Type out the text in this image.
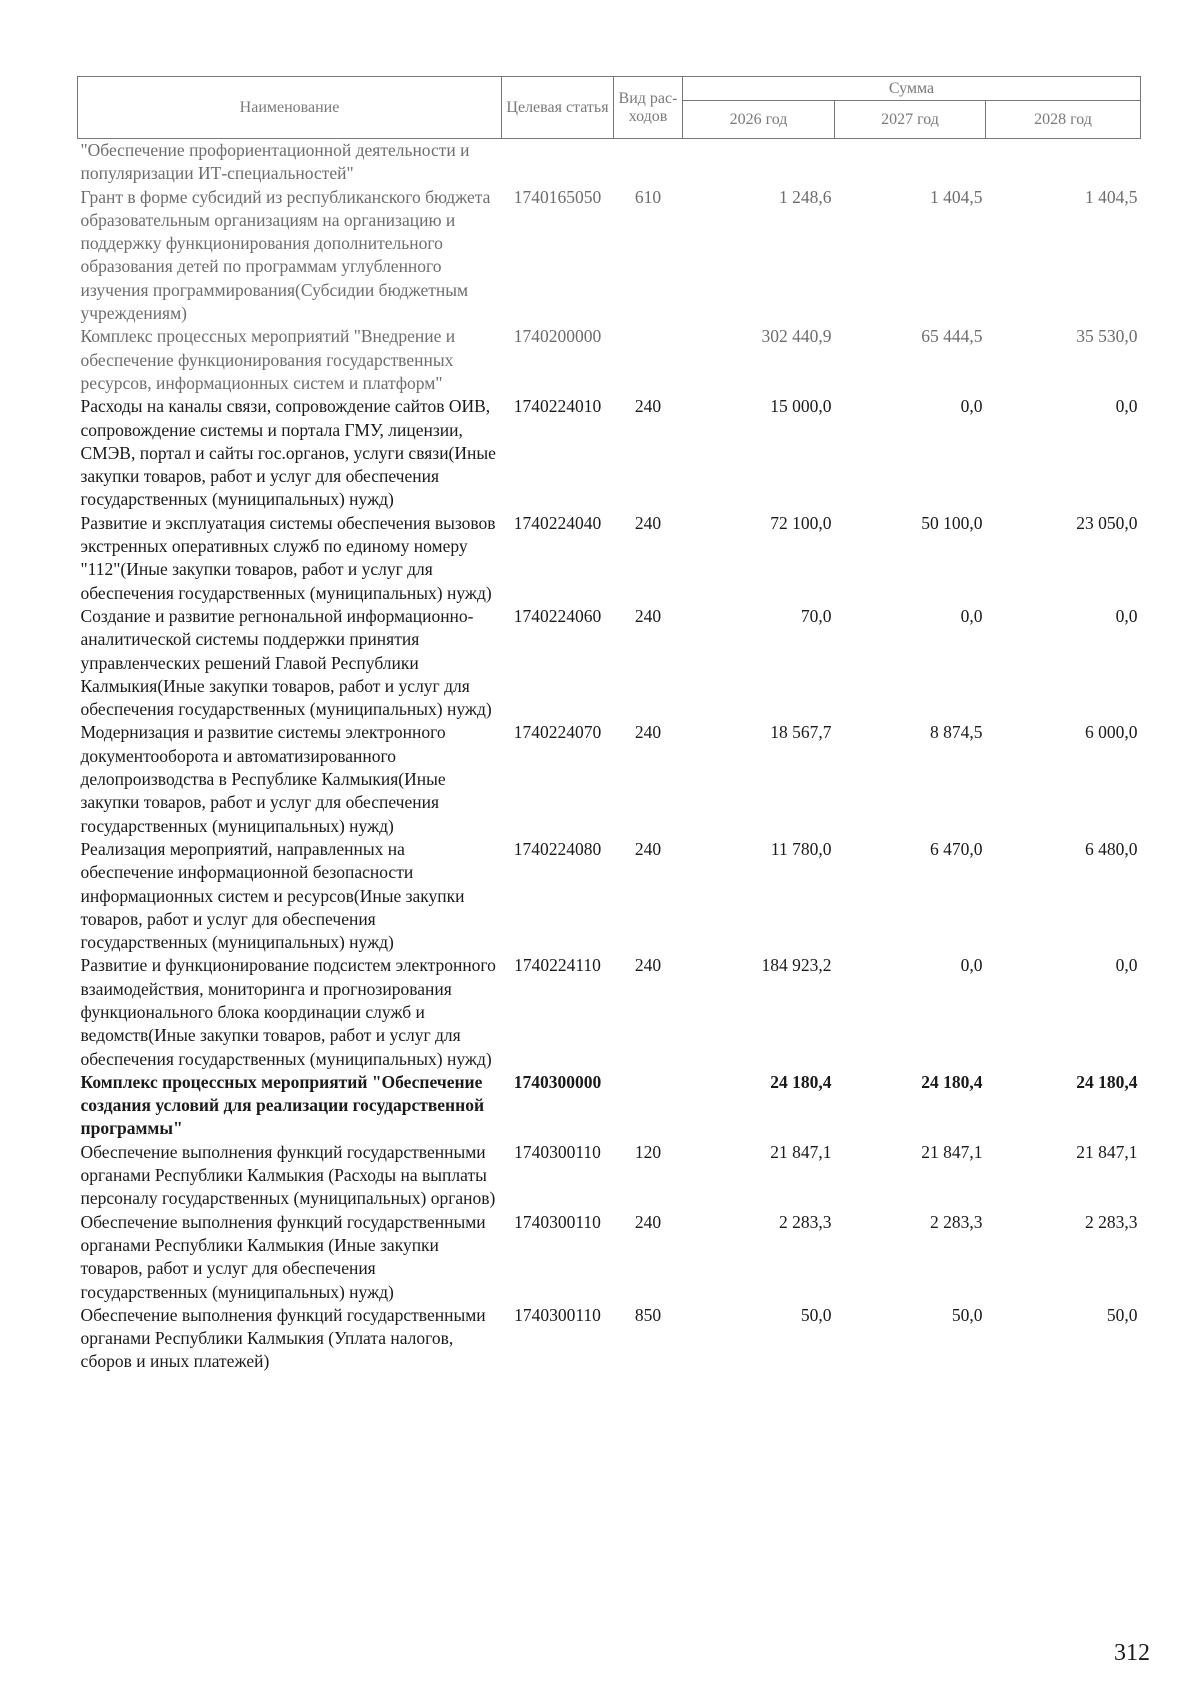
Наименование	Целевая статья	Вид рас-ходов	Сумма		
			2026 год	2027 год	2028 год
"Обеспечение профориентационной деятельности и популяризации ИТ-специальностей"					
Грант в форме субсидий из республиканского бюджета образовательным организациям на организацию и поддержку функционирования дополнительного образования детей по программам углубленного изучения программирования(Субсидии бюджетным учреждениям)	1740165050	610	1 248,6	1 404,5	1 404,5
Комплекс процессных мероприятий "Внедрение и обеспечение функционирования государственных ресурсов, информационных систем и платформ"	1740200000		302 440,9	65 444,5	35 530,0
Расходы на каналы связи, сопровождение сайтов ОИВ, сопровождение системы и портала ГМУ, лицензии, СМЭВ, портал и сайты гос.органов, услуги связи(Иные закупки товаров, работ и услуг для обеспечения государственных (муниципальных) нужд)	1740224010	240	15 000,0	0,0	0,0
Развитие и эксплуатация системы обеспечения вызовов экстренных оперативных служб по единому номеру "112"(Иные закупки товаров, работ и услуг для обеспечения государственных (муниципальных) нужд)	1740224040	240	72 100,0	50 100,0	23 050,0
Создание и развитие регнональной информационно-аналитической системы поддержки принятия управленческих решений Главой Республики Калмыкия(Иные закупки товаров, работ и услуг для обеспечения государственных (муниципальных) нужд)	1740224060	240	70,0	0,0	0,0
Модернизация и развитие системы электронного документооборота и автоматизированного делопроизводства в Республике Калмыкия(Иные закупки товаров, работ и услуг для обеспечения государственных (муниципальных) нужд)	1740224070	240	18 567,7	8 874,5	6 000,0
Реализация мероприятий, направленных на обеспечение информационной безопасности информационных систем и ресурсов(Иные закупки товаров, работ и услуг для обеспечения государственных (муниципальных) нужд)	1740224080	240	11 780,0	6 470,0	6 480,0
Развитие и функционирование подсистем электронного взаимодействия, мониторинга и прогнозирования функционального блока координации служб и ведомств(Иные закупки товаров, работ и услуг для обеспечения государственных (муниципальных) нужд)	1740224110	240	184 923,2	0,0	0,0
Комплекс процессных мероприятий "Обеспечение создания условий для реализации государственной программы"	1740300000		24 180,4	24 180,4	24 180,4
Обеспечение выполнения функций государственными органами Республики Калмыкия (Расходы на выплаты персоналу государственных (муниципальных) органов)	1740300110	120	21 847,1	21 847,1	21 847,1
Обеспечение выполнения функций государственными органами Республики Калмыкия (Иные закупки товаров, работ и услуг для обеспечения государственных (муниципальных) нужд)	1740300110	240	2 283,3	2 283,3	2 283,3
Обеспечение выполнения функций государственными органами Республики Калмыкия (Уплата налогов, сборов и иных платежей)	1740300110	850	50,0	50,0	50,0
312
